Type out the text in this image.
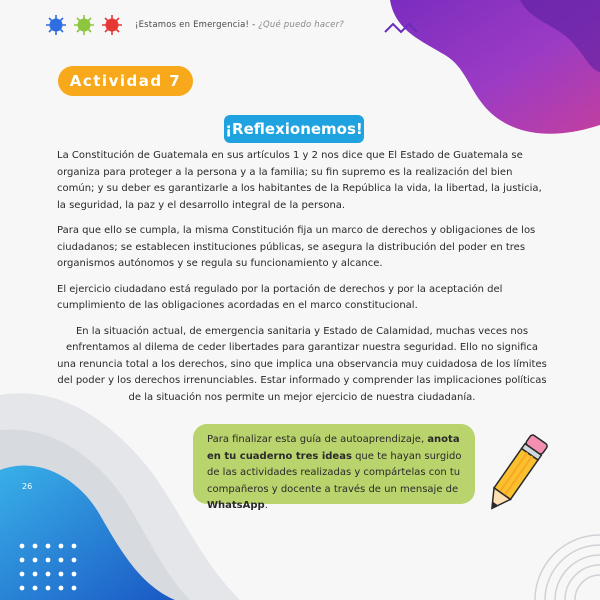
¡Estamos en Emergencia! - ¿Qué puedo hacer?
Actividad 7
¡Reflexionemos!

La Constitución de Guatemala en sus artículos 1 y 2 nos dice que El Estado de Guatemala se organiza para proteger a la persona y a la familia; su fin supremo es la realización del bien común; y su deber es garantizarle a los habitantes de la República la vida, la libertad, la justicia, la seguridad, la paz y el desarrollo integral de la persona.

Para que ello se cumpla, la misma Constitución fija un marco de derechos y obligaciones de los ciudadanos; se establecen instituciones públicas, se asegura la distribución del poder en tres organismos autónomos y se regula su funcionamiento y alcance.

El ejercicio ciudadano está regulado por la portación de derechos y por la aceptación del cumplimiento de las obligaciones acordadas en el marco constitucional.

En la situación actual, de emergencia sanitaria y Estado de Calamidad, muchas veces nos enfrentamos al dilema de ceder libertades para garantizar nuestra seguridad. Ello no significa una renuncia total a los derechos, sino que implica una observancia muy cuidadosa de los límites del poder y los derechos irrenunciables. Estar informado y comprender las implicaciones políticas de la situación nos permite un mejor ejercicio de nuestra ciudadanía.

Para finalizar esta guía de autoaprendizaje, anota en tu cuaderno tres ideas que te hayan surgido de las actividades realizadas y compártelas con tu compañeros y docente a través de un mensaje de WhatsApp.
26
